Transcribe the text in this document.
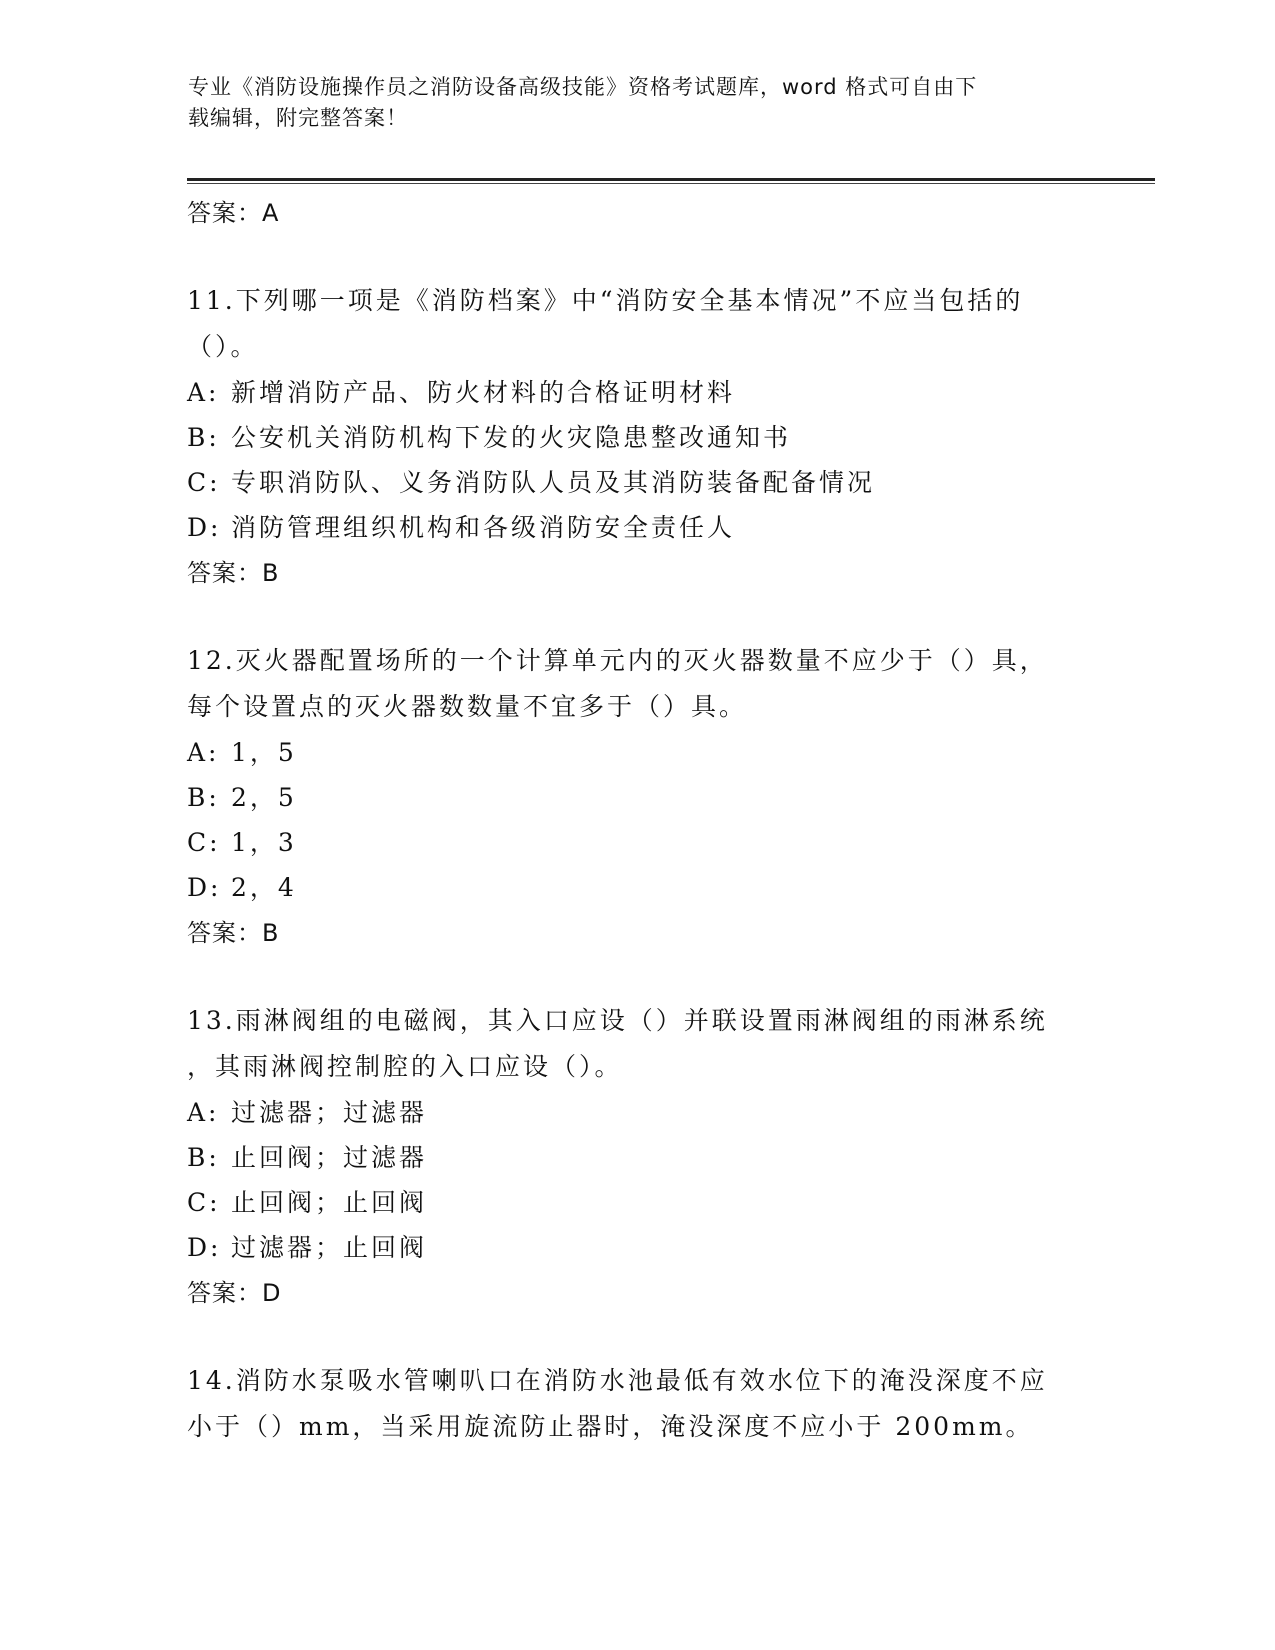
专业《消防设施操作员之消防设备高级技能》资格考试题库，word 格式可自由下
载编辑，附完整答案！
答案：A
11.下列哪一项是《消防档案》中“消防安全基本情况”不应当包括的
（）。
A: 新增消防产品、防火材料的合格证明材料
B: 公安机关消防机构下发的火灾隐患整改通知书
C: 专职消防队、义务消防队人员及其消防装备配备情况
D: 消防管理组织机构和各级消防安全责任人
答案：B
12.灭火器配置场所的一个计算单元内的灭火器数量不应少于（）具，
每个设置点的灭火器数数量不宜多于（）具。
A: 1，5
B: 2，5
C: 1，3
D: 2，4
答案：B
13.雨淋阀组的电磁阀，其入口应设（）并联设置雨淋阀组的雨淋系统
，其雨淋阀控制腔的入口应设（）。
A: 过滤器；过滤器
B: 止回阀；过滤器
C: 止回阀；止回阀
D: 过滤器；止回阀
答案：D
14.消防水泵吸水管喇叭口在消防水池最低有效水位下的淹没深度不应
小于（）mm，当采用旋流防止器时，淹没深度不应小于 200mm。
